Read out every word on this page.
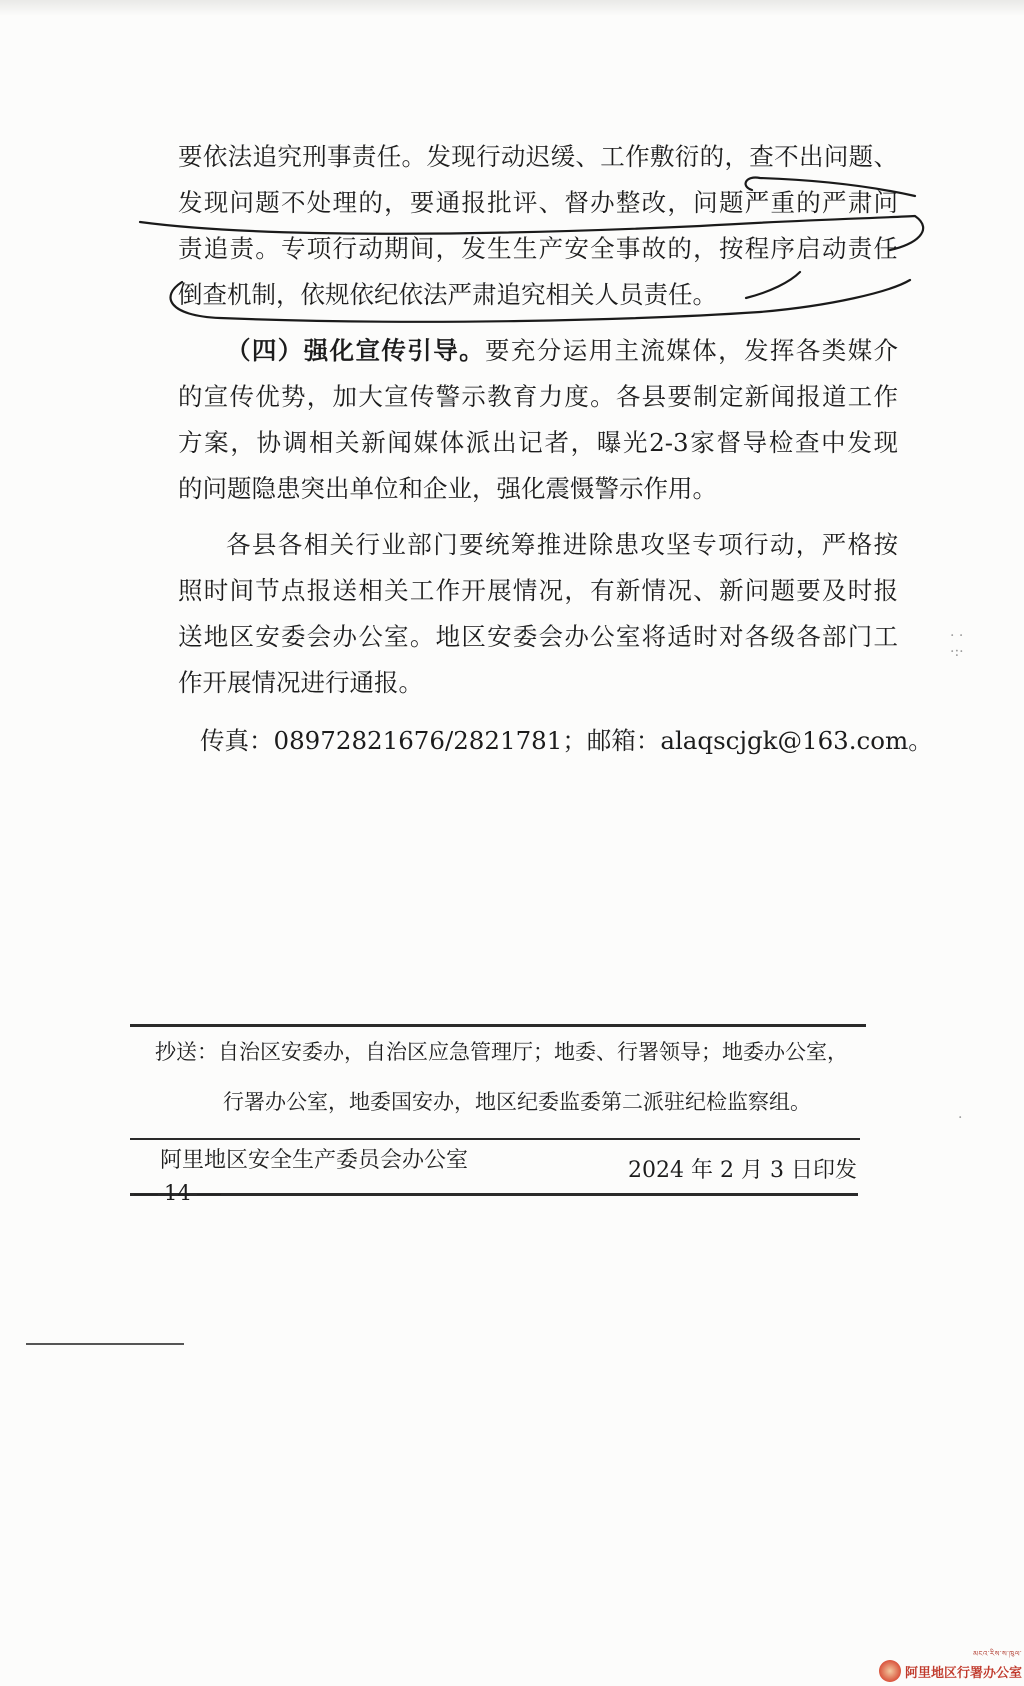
要依法追究刑事责任。发现行动迟缓、工作敷衍的，查不出问题、
发现问题不处理的，要通报批评、督办整改，问题严重的严肃问
责追责。专项行动期间，发生生产安全事故的，按程序启动责任
倒查机制，依规依纪依法严肃追究相关人员责任。
（四）强化宣传引导。要充分运用主流媒体，发挥各类媒介
的宣传优势，加大宣传警示教育力度。各县要制定新闻报道工作
方案，协调相关新闻媒体派出记者，曝光2-3家督导检查中发现
的问题隐患突出单位和企业，强化震慑警示作用。
各县各相关行业部门要统筹推进除患攻坚专项行动，严格按
照时间节点报送相关工作开展情况，有新情况、新问题要及时报
送地区安委会办公室。地区安委会办公室将适时对各级各部门工
作开展情况进行通报。
传真：08972821676/2821781；邮箱：alaqscjgk@163.com。
抄送：自治区安委办，自治区应急管理厅；地委、行署领导；地委办公室，
行署办公室，地委国安办，地区纪委监委第二派驻纪检监察组。
阿里地区安全生产委员会办公室	2024 年 2 月 3 日印发
14
· ·
·:·
·
མངའ་རིས་ས་ཁུལ་
阿里地区行署办公室
